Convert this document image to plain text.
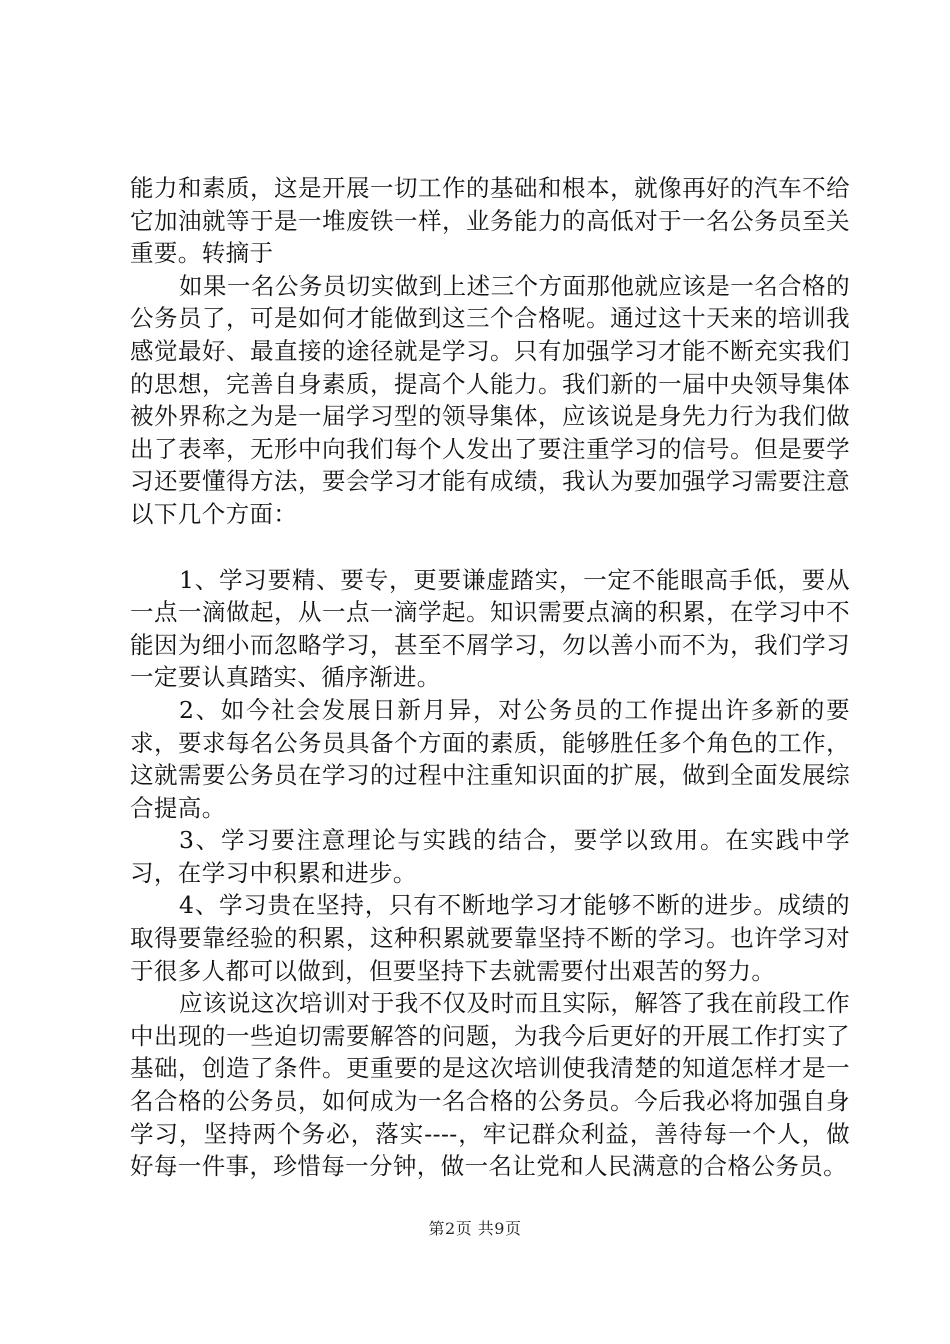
能力和素质，这是开展一切工作的基础和根本，就像再好的汽车不给它加油就等于是一堆废铁一样，业务能力的高低对于一名公务员至关重要。转摘于

如果一名公务员切实做到上述三个方面那他就应该是一名合格的公务员了，可是如何才能做到这三个合格呢。通过这十天来的培训我感觉最好、最直接的途径就是学习。只有加强学习才能不断充实我们的思想，完善自身素质，提高个人能力。我们新的一届中央领导集体被外界称之为是一届学习型的领导集体，应该说是身先力行为我们做出了表率，无形中向我们每个人发出了要注重学习的信号。但是要学习还要懂得方法，要会学习才能有成绩，我认为要加强学习需要注意以下几个方面：

1、学习要精、要专，更要谦虚踏实，一定不能眼高手低，要从一点一滴做起，从一点一滴学起。知识需要点滴的积累，在学习中不能因为细小而忽略学习，甚至不屑学习，勿以善小而不为，我们学习一定要认真踏实、循序渐进。

2、如今社会发展日新月异，对公务员的工作提出许多新的要求，要求每名公务员具备个方面的素质，能够胜任多个角色的工作，这就需要公务员在学习的过程中注重知识面的扩展，做到全面发展综合提高。

3、学习要注意理论与实践的结合，要学以致用。在实践中学习，在学习中积累和进步。

4、学习贵在坚持，只有不断地学习才能够不断的进步。成绩的取得要靠经验的积累，这种积累就要靠坚持不断的学习。也许学习对于很多人都可以做到，但要坚持下去就需要付出艰苦的努力。

应该说这次培训对于我不仅及时而且实际，解答了我在前段工作中出现的一些迫切需要解答的问题，为我今后更好的开展工作打实了基础，创造了条件。更重要的是这次培训使我清楚的知道怎样才是一名合格的公务员，如何成为一名合格的公务员。今后我必将加强自身学习，坚持两个务必，落实----，牢记群众利益，善待每一个人，做好每一件事，珍惜每一分钟，做一名让党和人民满意的合格公务员。

第2页 共9页
